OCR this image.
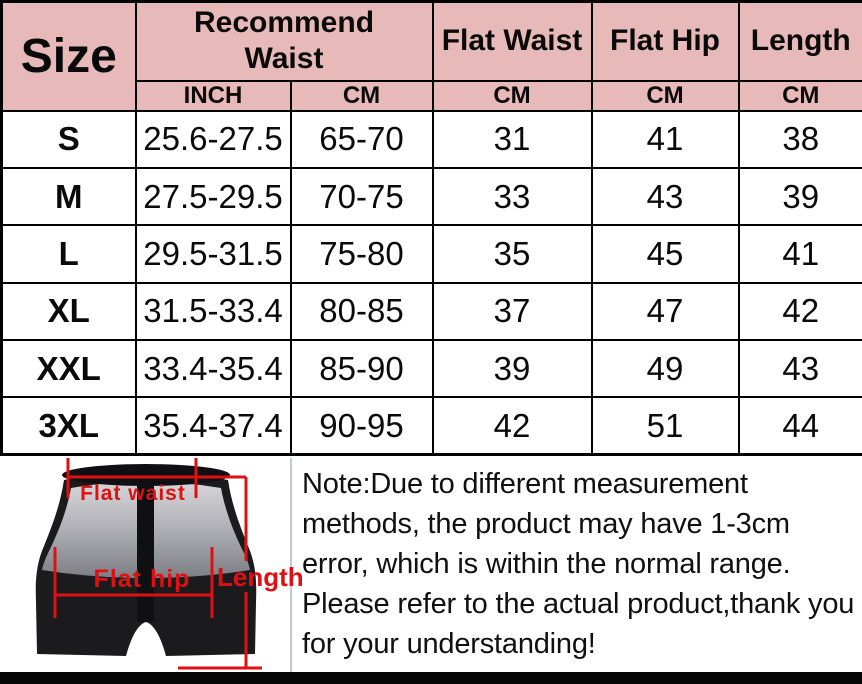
Size	Recommend Waist		Flat Waist	Flat Hip	Length
	INCH	CM	CM	CM	CM
S	25.6-27.5	65-70	31	41	38
M	27.5-29.5	70-75	33	43	39
L	29.5-31.5	75-80	35	45	41
XL	31.5-33.4	80-85	37	47	42
XXL	33.4-35.4	85-90	39	49	43
3XL	35.4-37.4	90-95	42	51	44
Flat waist
Flat hip	Length
Note:Due to different measurement methods, the product may have 1-3cm error, which is within the normal range. Please refer to the actual product,thank you for your understanding!
